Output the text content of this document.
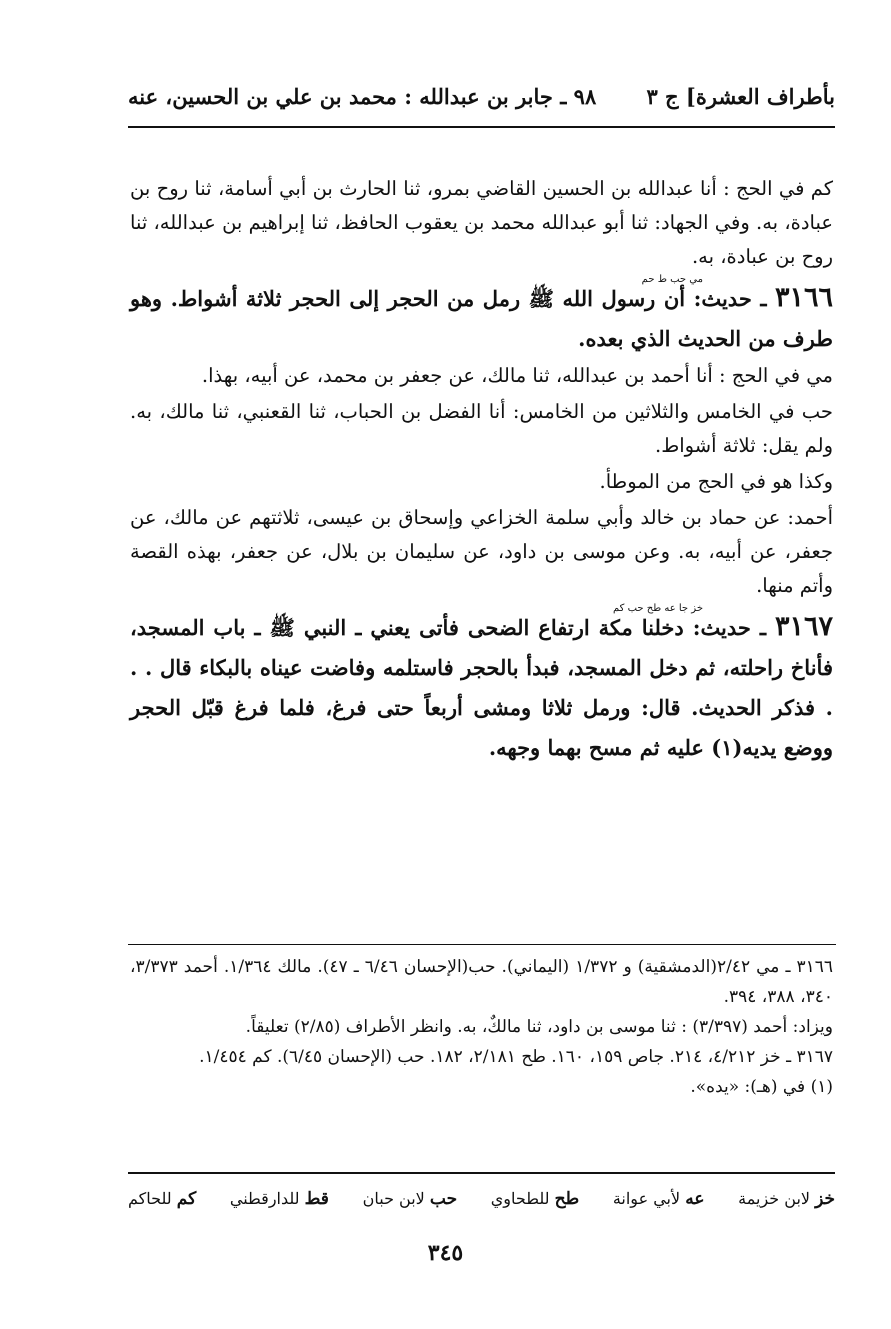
بأطراف العشرة] ج ٣
٩٨ ـ جابر بن عبدالله : محمد بن علي بن الحسين، عنه

كم في الحج : أنا عبدالله بن الحسين القاضي بمرو، ثنا الحارث بن أبي أسامة، ثنا روح بن عبادة، به. وفي الجهاد: ثنا أبو عبدالله محمد بن يعقوب الحافظ، ثنا إبراهيم بن عبدالله، ثنا روح بن عبادة، به.

مي حب ط حم
٣١٦٦ ـ حديث: أن رسول الله ﷺ رمل من الحجر إلى الحجر ثلاثة أشواط. وهو طرف من الحديث الذي بعده.

مي في الحج : أنا أحمد بن عبدالله، ثنا مالك، عن جعفر بن محمد، عن أبيه، بهذا.

حب في الخامس والثلاثين من الخامس: أنا الفضل بن الحباب، ثنا القعنبي، ثنا مالك، به. ولم يقل: ثلاثة أشواط.

وكذا هو في الحج من الموطأ.

أحمد: عن حماد بن خالد وأبي سلمة الخزاعي وإسحاق بن عيسى، ثلاثتهم عن مالك، عن جعفر، عن أبيه، به. وعن موسى بن داود، عن سليمان بن بلال، عن جعفر، بهذه القصة وأتم منها.

خز جا عه طح حب كم
٣١٦٧ ـ حديث: دخلنا مكة ارتفاع الضحى فأتى يعني ـ النبي ﷺ ـ باب المسجد، فأناخ راحلته، ثم دخل المسجد، فبدأ بالحجر فاستلمه وفاضت عيناه بالبكاء قال . . . فذكر الحديث. قال: ورمل ثلاثا ومشى أربعاً حتى فرغ، فلما فرغ قبّل الحجر ووضع يديه(١) عليه ثم مسح بهما وجهه.

٣١٦٦ ـ مي ٢/٤٢(الدمشقية) و ١/٣٧٢ (اليماني). حب(الإحسان ٦/٤٦ ـ ٤٧). مالك ١/٣٦٤. أحمد ٣/٣٧٣، ٣٤٠، ٣٨٨، ٣٩٤.

ويزاد: أحمد (٣/٣٩٧) : ثنا موسى بن داود، ثنا مالكٌ، به. وانظر الأطراف (٢/٨٥) تعليقاً.

٣١٦٧ ـ خز ٤/٢١٢، ٢١٤. جاص ١٥٩، ١٦٠. طح ٢/١٨١، ١٨٢. حب (الإحسان ٦/٤٥). كم ١/٤٥٤.

(١) في (هـ): «يده».

خز لابن خزيمة
عه لأبي عوانة
طح للطحاوي
حب لابن حبان
قط للدارقطني
كم للحاكم
٣٤٥
